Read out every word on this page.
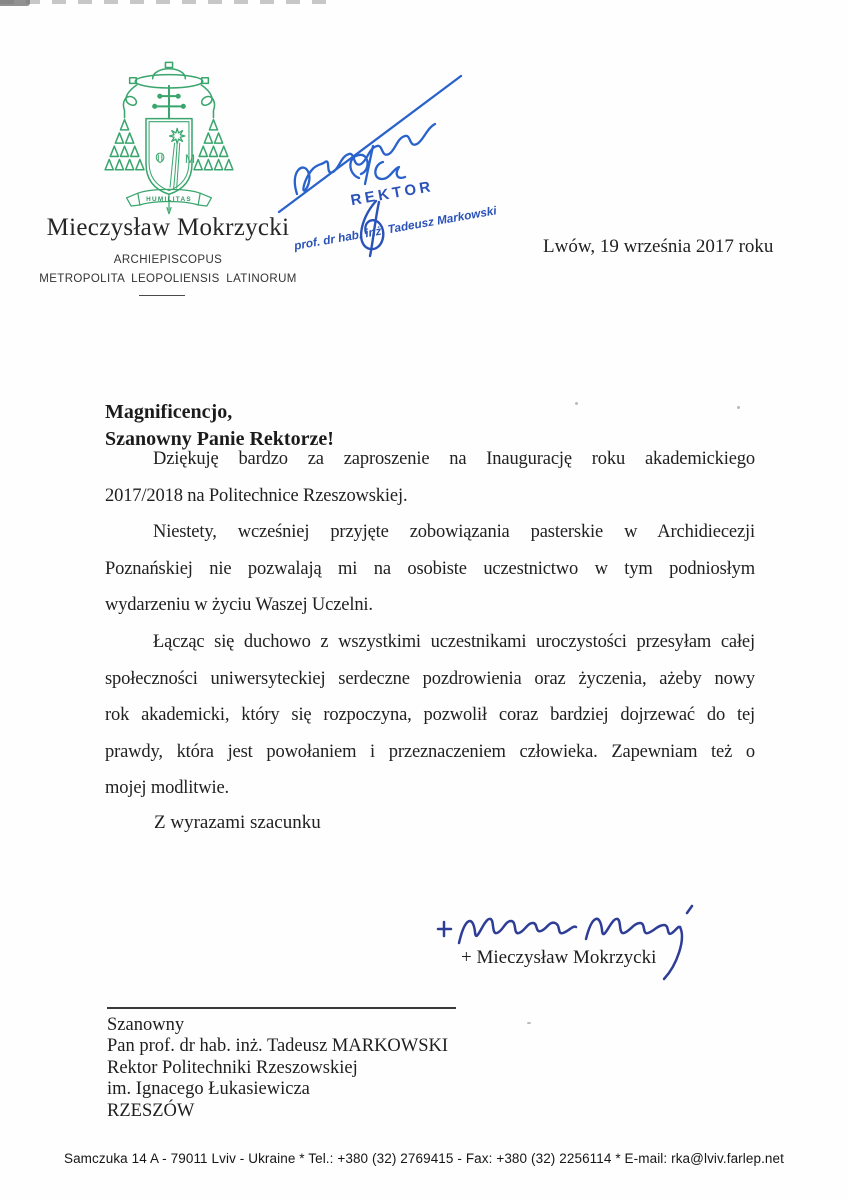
M
HUMILITAS
Mieczysław Mokrzycki
ARCHIEPISCOPUS
METROPOLITA LEOPOLIENSIS LATINORUM
REKTOR
prof. dr hab. inż. Tadeusz Markowski Lwów, 19 września 2017 roku
Magnificencjo,
Szanowny Panie Rektorze!
Dziękuję bardzo za zaproszenie na Inaugurację roku akademickiego
2017/2018 na Politechnice Rzeszowskiej.
Niestety, wcześniej przyjęte zobowiązania pasterskie w Archidiecezji
Poznańskiej nie pozwalają mi na osobiste uczestnictwo w tym podniosłym
wydarzeniu w życiu Waszej Uczelni.
Łącząc się duchowo z wszystkimi uczestnikami uroczystości przesyłam całej
społeczności uniwersyteckiej serdeczne pozdrowienia oraz życzenia, ażeby nowy
rok akademicki, który się rozpoczyna, pozwolił coraz bardziej dojrzewać do tej
prawdy, która jest powołaniem i przeznaczeniem człowieka. Zapewniam też o
mojej modlitwie.
Z wyrazami szacunku
+ Mieczysław Mokrzycki
Szanowny
Pan prof. dr hab. inż. Tadeusz MARKOWSKI
Rektor Politechniki Rzeszowskiej
im. Ignacego Łukasiewicza
RZESZÓW
Samczuka 14 A - 79011 Lviv - Ukraine * Tel.: +380 (32) 2769415 - Fax: +380 (32) 2256114 * E-mail: rka@lviv.farlep.net
